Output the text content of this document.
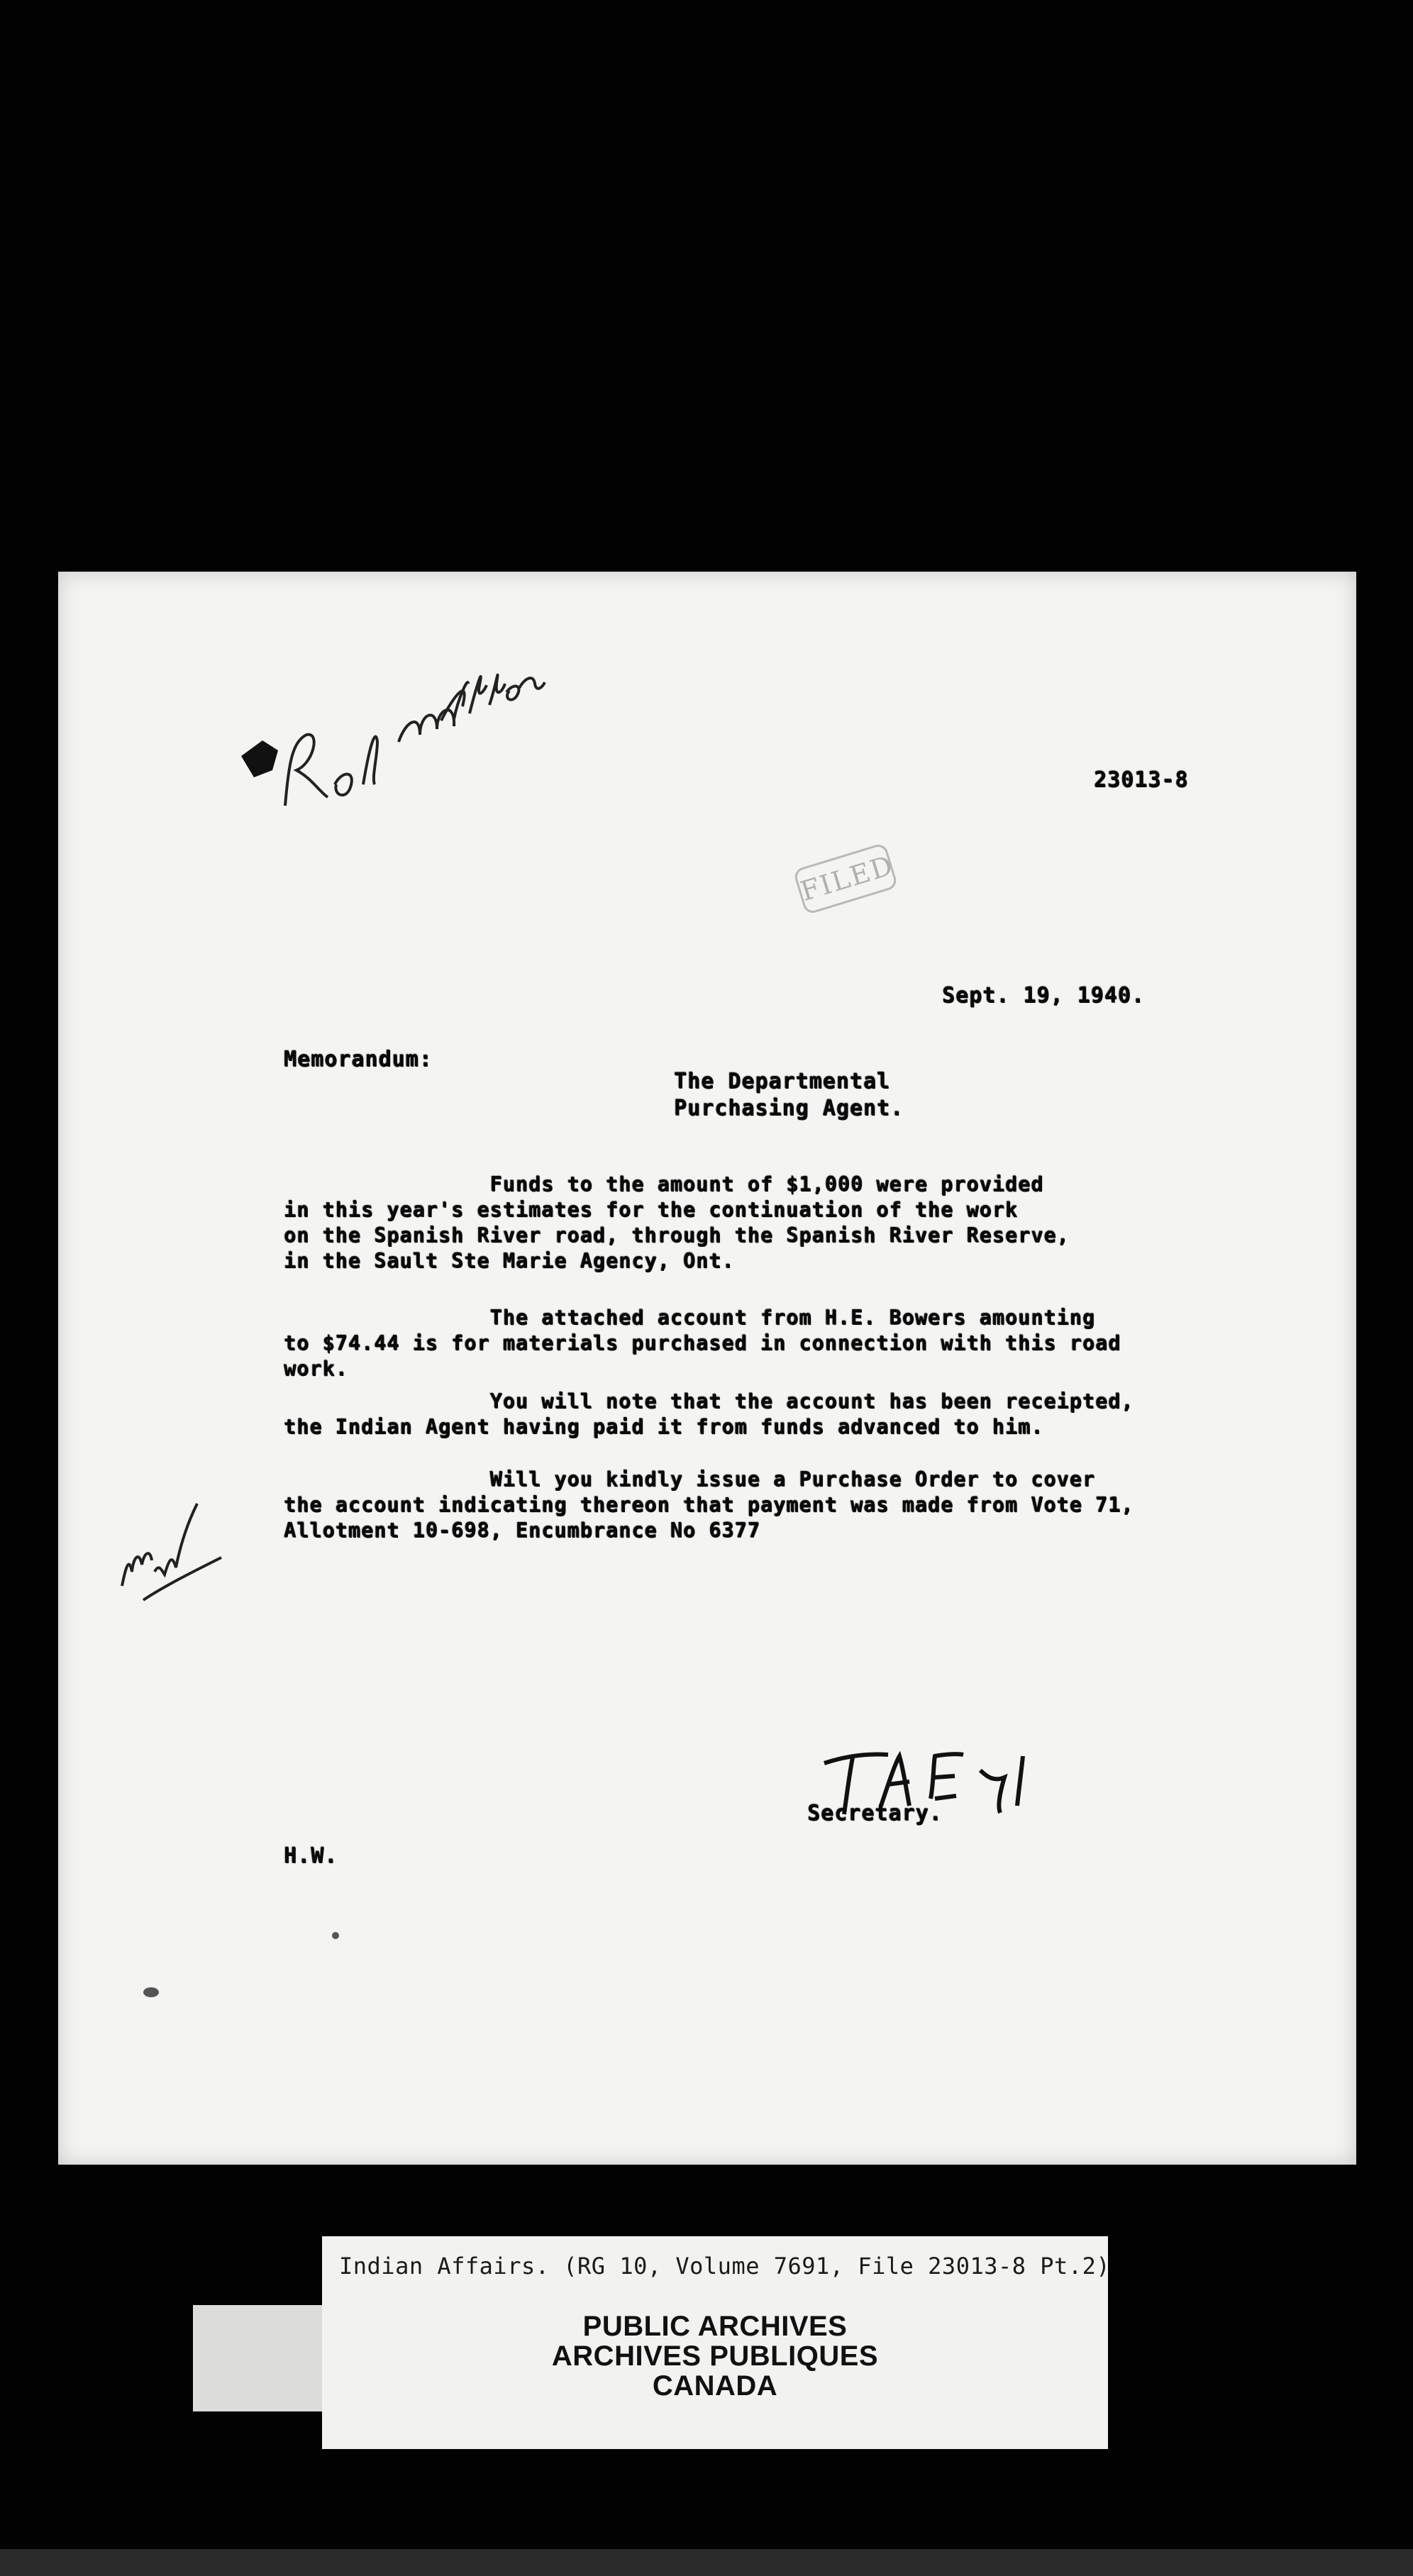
23013-8
FILED
Sept. 19, 1940.
Memorandum:
The Departmental
Purchasing Agent.
Funds to the amount of $1,000 were provided
in this year's estimates for the continuation of the work
on the Spanish River road, through the Spanish River Reserve,
in the Sault Ste Marie Agency, Ont.
The attached account from H.E. Bowers amounting
to $74.44 is for materials purchased in connection with this road
work.
You will note that the account has been receipted,
the Indian Agent having paid it from funds advanced to him.
Will you kindly issue a Purchase Order to cover
the account indicating thereon that payment was made from Vote 71,
Allotment 10-698, Encumbrance No 6377
Secretary.
H.W.
Indian Affairs. (RG 10, Volume 7691, File 23013-8 Pt.2)
PUBLIC ARCHIVES
ARCHIVES PUBLIQUES
CANADA
